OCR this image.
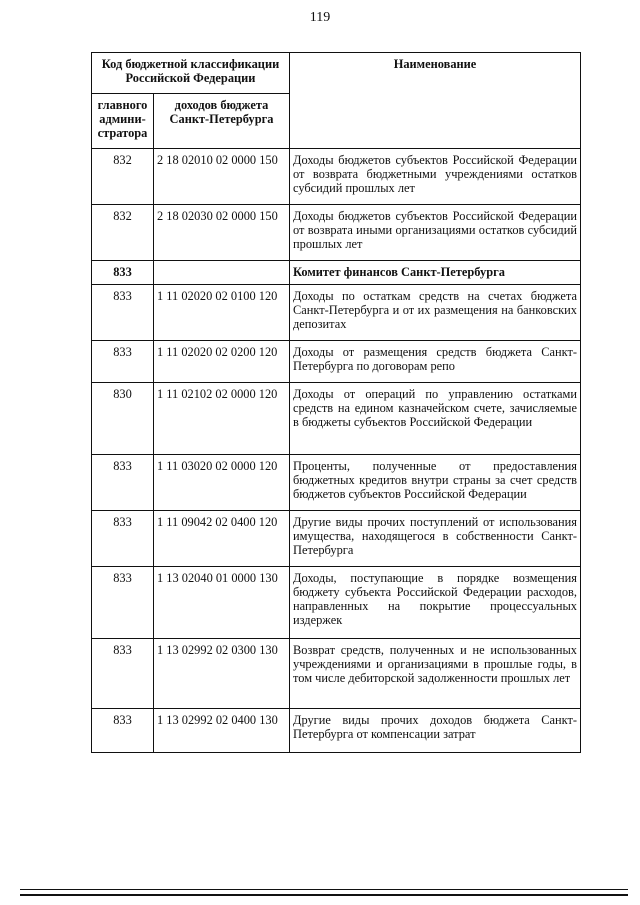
119
Код бюджетной классификации Российской Федерации		Наименование
главного админи-стратора	доходов бюджета Санкт-Петербурга	
832	2 18 02010 02 0000 150	Доходы бюджетов субъектов Российской Федерации от возврата бюджетными учреждениями остатков субсидий прошлых лет
832	2 18 02030 02 0000 150	Доходы бюджетов субъектов Российской Федерации от возврата иными организациями остатков субсидий прошлых лет
833		Комитет финансов Санкт-Петербурга
833	1 11 02020 02 0100 120	Доходы по остаткам средств на счетах бюджета Санкт-Петербурга и от их размещения на банковских депозитах
833	1 11 02020 02 0200 120	Доходы от размещения средств бюджета Санкт-Петербурга по договорам репо
830	1 11 02102 02 0000 120	Доходы от операций по управлению остатками средств на едином казначейском счете, зачисляемые в бюджеты субъектов Российской Федерации
833	1 11 03020 02 0000 120	Проценты, полученные от предоставления бюджетных кредитов внутри страны за счет средств бюджетов субъектов Российской Федерации
833	1 11 09042 02 0400 120	Другие виды прочих поступлений от использования имущества, находящегося в собственности Санкт-Петербурга
833	1 13 02040 01 0000 130	Доходы, поступающие в порядке возмещения бюджету субъекта Российской Федерации расходов, направленных на покрытие процессуальных издержек
833	1 13 02992 02 0300 130	Возврат средств, полученных и не использованных учреждениями и организациями в прошлые годы, в том числе дебиторской задолженности прошлых лет
833	1 13 02992 02 0400 130	Другие виды прочих доходов бюджета Санкт-Петербурга от компенсации затрат
